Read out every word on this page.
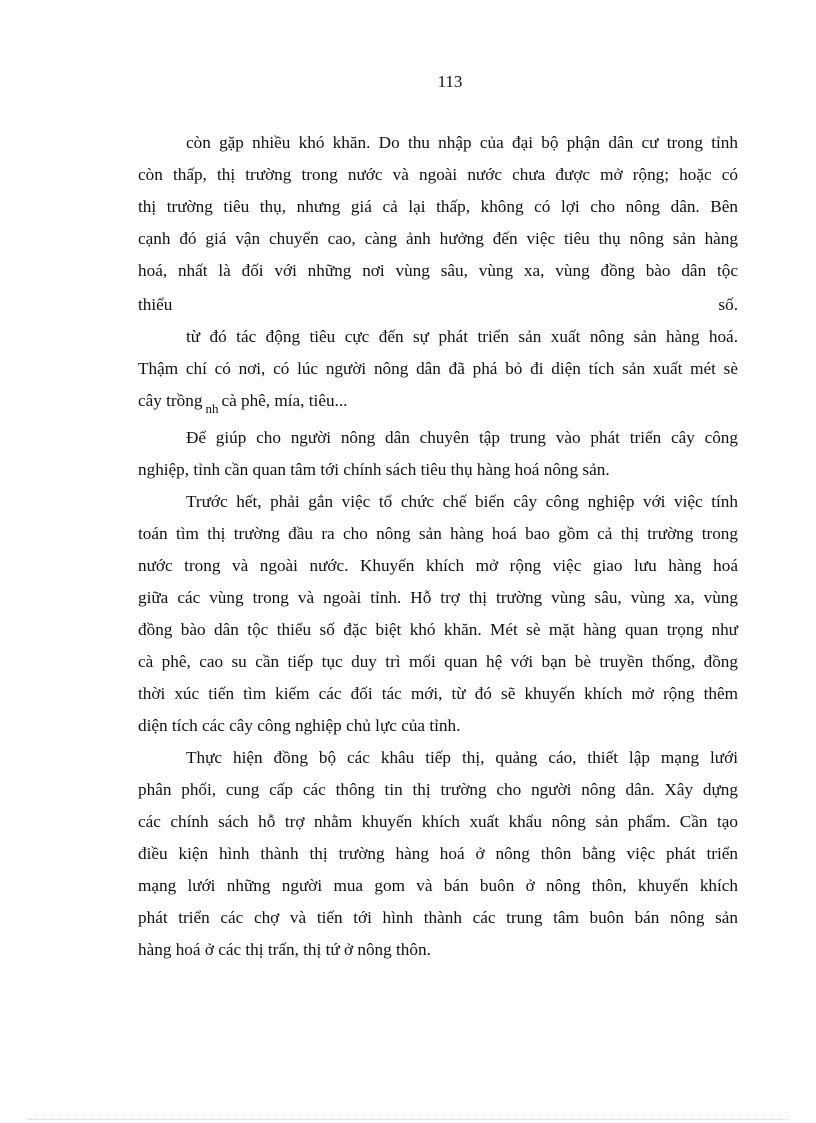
113
còn gặp nhiều khó khăn. Do thu nhập của đại bộ phận dân cư trong tỉnh
còn thấp, thị trường trong nước và ngoài nước chưa được mở rộng; hoặc có
thị trường tiêu thụ, nhưng giá cả lại thấp, không có lợi cho nông dân. Bên
cạnh đó giá vận chuyển cao, càng ảnh hưởng đến việc tiêu thụ nông sản hàng
hoá, nhất là đối với những nơi vùng sâu, vùng xa, vùng đồng bào dân tộc
thiểu	số.
từ đó tác động tiêu cực đến sự phát triển sản xuất nông sản hàng hoá.
Thậm chí có nơi, có lúc người nông dân đã phá bỏ đi diện tích sản xuất mét sè
cây trồng $_{nh}$ cà phê, mía, tiêu...
Để giúp cho người nông dân chuyên tập trung vào phát triển cây công
nghiệp, tỉnh cần quan tâm tới chính sách tiêu thụ hàng hoá nông sản.
Trước hết, phải gắn việc tổ chức chế biến cây công nghiệp với việc tính
toán tìm thị trường đầu ra cho nông sản hàng hoá bao gồm cả thị trường trong
nước trong và ngoài nước. Khuyến khích mở rộng việc giao lưu hàng hoá
giữa các vùng trong và ngoài tỉnh. Hỗ trợ thị trường vùng sâu, vùng xa, vùng
đồng bào dân tộc thiểu số đặc biệt khó khăn. Mét sè mặt hàng quan trọng như
cà phê, cao su cần tiếp tục duy trì mối quan hệ với bạn bè truyền thống, đồng
thời xúc tiến tìm kiếm các đối tác mới, từ đó sẽ khuyến khích mở rộng thêm
diện tích các cây công nghiệp chủ lực của tỉnh.
Thực hiện đồng bộ các khâu tiếp thị, quảng cáo, thiết lập mạng lưới
phân phối, cung cấp các thông tin thị trường cho người nông dân. Xây dựng
các chính sách hỗ trợ nhằm khuyến khích xuất khẩu nông sản phẩm. Cần tạo
điều kiện hình thành thị trường hàng hoá ở nông thôn bằng việc phát triển
mạng lưới những người mua gom và bán buôn ở nông thôn, khuyến khích
phát triển các chợ và tiến tới hình thành các trung tâm buôn bán nông sản
hàng hoá ở các thị trấn, thị tứ ở nông thôn.
